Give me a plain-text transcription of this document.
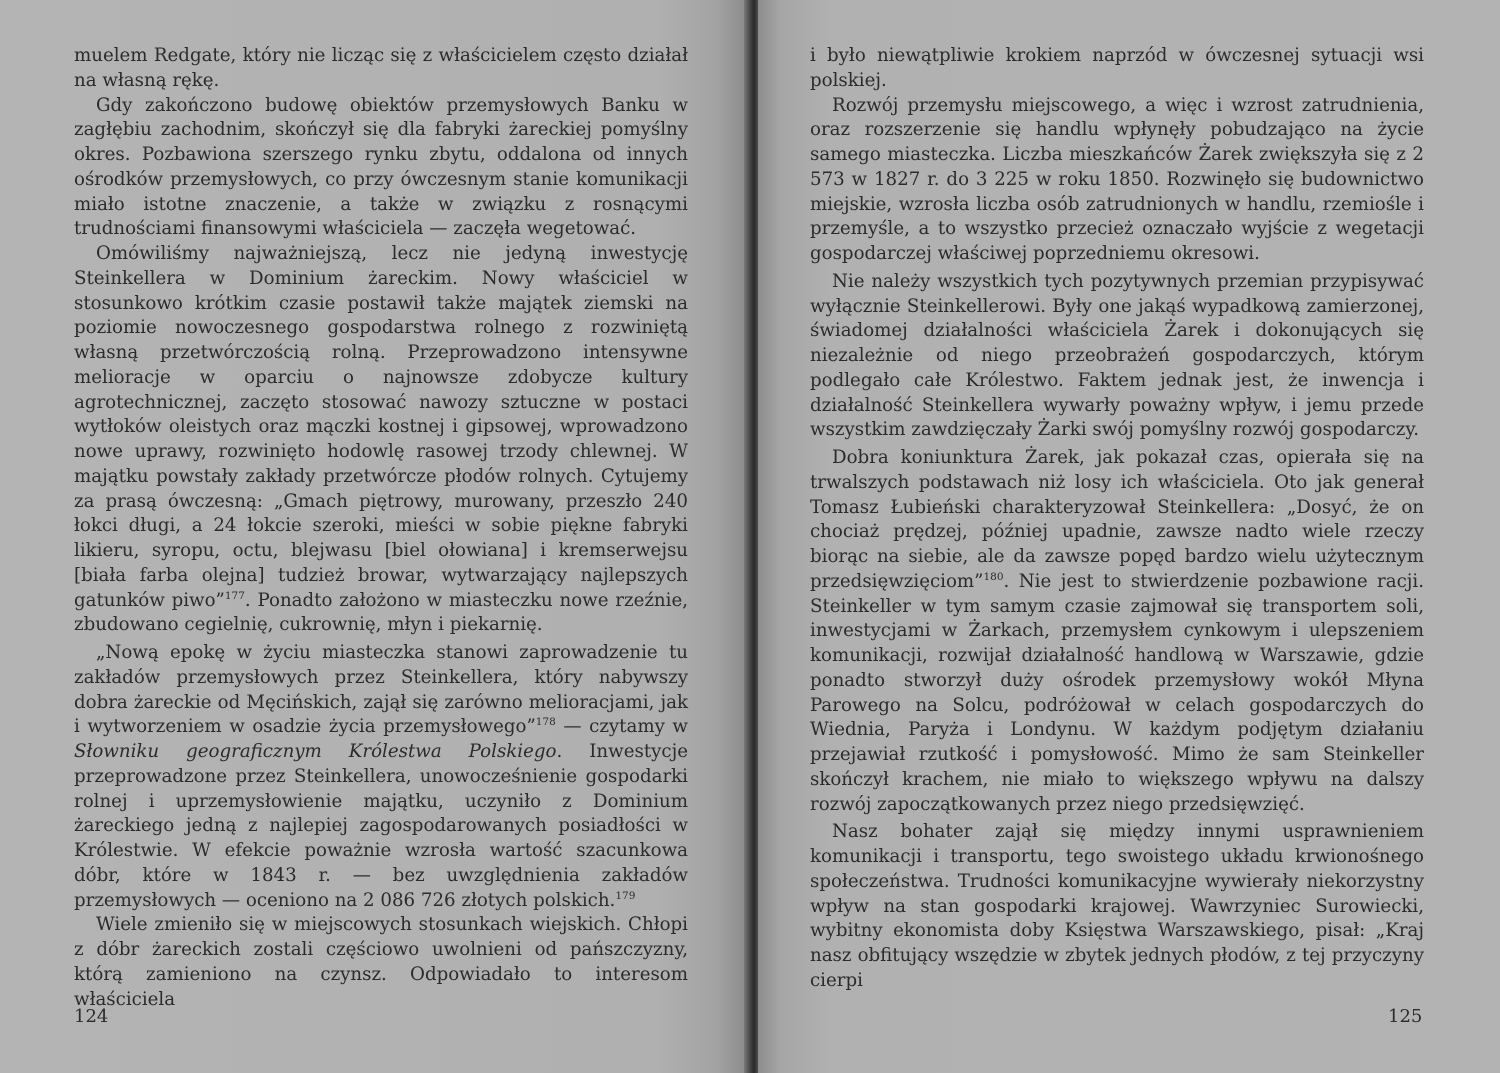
muelem Redgate, który nie licząc się z właścicielem często działał na własną rękę.

Gdy zakończono budowę obiektów przemysłowych Banku w zagłębiu zachodnim, skończył się dla fabryki żareckiej pomyślny okres. Pozbawiona szerszego rynku zbytu, oddalona od innych ośrodków przemysłowych, co przy ówczesnym stanie komunikacji miało istotne znaczenie, a także w związku z rosnącymi trudnościami finansowymi właściciela — zaczęła wegetować.

Omówiliśmy najważniejszą, lecz nie jedyną inwestycję Steinkellera w Dominium żareckim. Nowy właściciel w stosunkowo krótkim czasie postawił także majątek ziemski na poziomie nowoczesnego gospodarstwa rolnego z rozwiniętą własną przetwórczością rolną. Przeprowadzono intensywne melioracje w oparciu o najnowsze zdobycze kultury agrotechnicznej, zaczęto stosować nawozy sztuczne w postaci wytłoków oleistych oraz mączki kostnej i gipsowej, wprowadzono nowe uprawy, rozwinięto hodowlę rasowej trzody chlewnej. W majątku powstały zakłady przetwórcze płodów rolnych. Cytujemy za prasą ówczesną: „Gmach piętrowy, murowany, przeszło 240 łokci długi, a 24 łokcie szeroki, mieści w sobie piękne fabryki likieru, syropu, octu, blejwasu [biel ołowiana] i kremserwejsu [biała farba olejna] tudzież browar, wytwarzający najlepszych gatunków piwo”$^{177}$. Ponadto założono w miasteczku nowe rzeźnie, zbudowano cegielnię, cukrownię, młyn i piekarnię.

„Nową epokę w życiu miasteczka stanowi zaprowadzenie tu zakładów przemysłowych przez Steinkellera, który nabywszy dobra żareckie od Męcińskich, zajął się zarówno melioracjami, jak i wytworzeniem w osadzie życia przemysłowego”$^{178}$ — czytamy w Słowniku geograficznym Królestwa Polskiego. Inwestycje przeprowadzone przez Steinkellera, unowocześnienie gospodarki rolnej i uprzemysłowienie majątku, uczyniło z Dominium żareckiego jedną z najlepiej zagospodarowanych posiadłości w Królestwie. W efekcie poważnie wzrosła wartość szacunkowa dóbr, które w 1843 r. — bez uwzględnienia zakładów przemysłowych — oceniono na 2 086 726 złotych polskich.$^{179}$

Wiele zmieniło się w miejscowych stosunkach wiejskich. Chłopi z dóbr żareckich zostali częściowo uwolnieni od pańszczyzny, którą zamieniono na czynsz. Odpowiadało to interesom właściciela

124

i było niewątpliwie krokiem naprzód w ówczesnej sytuacji wsi polskiej.

Rozwój przemysłu miejscowego, a więc i wzrost zatrudnienia, oraz rozszerzenie się handlu wpłynęły pobudzająco na życie samego miasteczka. Liczba mieszkańców Żarek zwiększyła się z 2 573 w 1827 r. do 3 225 w roku 1850. Rozwinęło się budownictwo miejskie, wzrosła liczba osób zatrudnionych w handlu, rzemiośle i przemyśle, a to wszystko przecież oznaczało wyjście z wegetacji gospodarczej właściwej poprzedniemu okresowi.

Nie należy wszystkich tych pozytywnych przemian przypisywać wyłącznie Steinkellerowi. Były one jakąś wypadkową zamierzonej, świadomej działalności właściciela Żarek i dokonujących się niezależnie od niego przeobrażeń gospodarczych, którym podlegało całe Królestwo. Faktem jednak jest, że inwencja i działalność Steinkellera wywarły poważny wpływ, i jemu przede wszystkim zawdzięczały Żarki swój pomyślny rozwój gospodarczy.

Dobra koniunktura Żarek, jak pokazał czas, opierała się na trwalszych podstawach niż losy ich właściciela. Oto jak generał Tomasz Łubieński charakteryzował Steinkellera: „Dosyć, że on chociaż prędzej, później upadnie, zawsze nadto wiele rzeczy biorąc na siebie, ale da zawsze popęd bardzo wielu użytecznym przedsięwzięciom”$^{180}$. Nie jest to stwierdzenie pozbawione racji. Steinkeller w tym samym czasie zajmował się transportem soli, inwestycjami w Żarkach, przemysłem cynkowym i ulepszeniem komunikacji, rozwijał działalność handlową w Warszawie, gdzie ponadto stworzył duży ośrodek przemysłowy wokół Młyna Parowego na Solcu, podróżował w celach gospodarczych do Wiednia, Paryża i Londynu. W każdym podjętym działaniu przejawiał rzutkość i pomysłowość. Mimo że sam Steinkeller skończył krachem, nie miało to większego wpływu na dalszy rozwój zapoczątkowanych przez niego przedsięwzięć.

Nasz bohater zajął się między innymi usprawnieniem komunikacji i transportu, tego swoistego układu krwionośnego społeczeństwa. Trudności komunikacyjne wywierały niekorzystny wpływ na stan gospodarki krajowej. Wawrzyniec Surowiecki, wybitny ekonomista doby Księstwa Warszawskiego, pisał: „Kraj nasz obfitujący wszędzie w zbytek jednych płodów, z tej przyczyny cierpi

125
